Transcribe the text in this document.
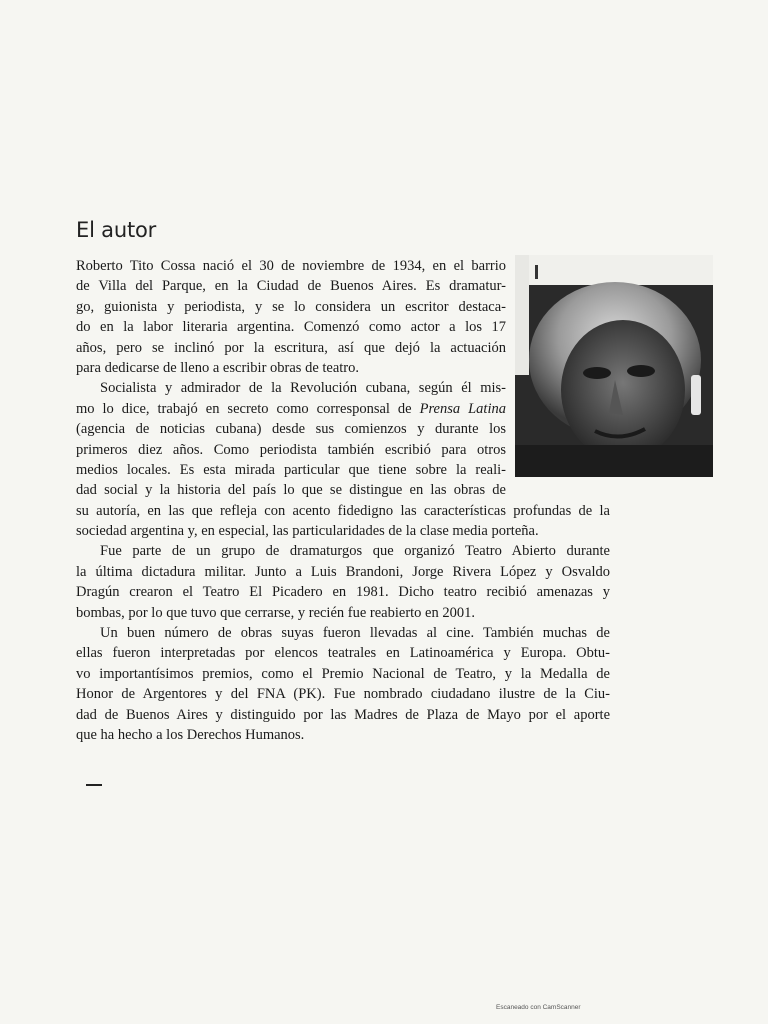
El autor
Roberto Tito Cossa nació el 30 de noviembre de 1934, en el barrio
de Villa del Parque, en la Ciudad de Buenos Aires. Es dramatur-
go, guionista y periodista, y se lo considera un escritor destaca-
do en la labor literaria argentina. Comenzó como actor a los 17
años, pero se inclinó por la escritura, así que dejó la actuación
para dedicarse de lleno a escribir obras de teatro.
Socialista y admirador de la Revolución cubana, según él mis-
mo lo dice, trabajó en secreto como corresponsal de Prensa Latina
(agencia de noticias cubana) desde sus comienzos y durante los
primeros diez años. Como periodista también escribió para otros
medios locales. Es esta mirada particular que tiene sobre la reali-
dad social y la historia del país lo que se distingue en las obras de
su autoría, en las que refleja con acento fidedigno las características profundas de la
sociedad argentina y, en especial, las particularidades de la clase media porteña.
Fue parte de un grupo de dramaturgos que organizó Teatro Abierto durante
la última dictadura militar. Junto a Luis Brandoni, Jorge Rivera López y Osvaldo
Dragún crearon el Teatro El Picadero en 1981. Dicho teatro recibió amenazas y
bombas, por lo que tuvo que cerrarse, y recién fue reabierto en 2001.
Un buen número de obras suyas fueron llevadas al cine. También muchas de
ellas fueron interpretadas por elencos teatrales en Latinoamérica y Europa. Obtu-
vo importantísimos premios, como el Premio Nacional de Teatro, y la Medalla de
Honor de Argentores y del FNA (PK). Fue nombrado ciudadano ilustre de la Ciu-
dad de Buenos Aires y distinguido por las Madres de Plaza de Mayo por el aporte
que ha hecho a los Derechos Humanos.
Escaneado con CamScanner
